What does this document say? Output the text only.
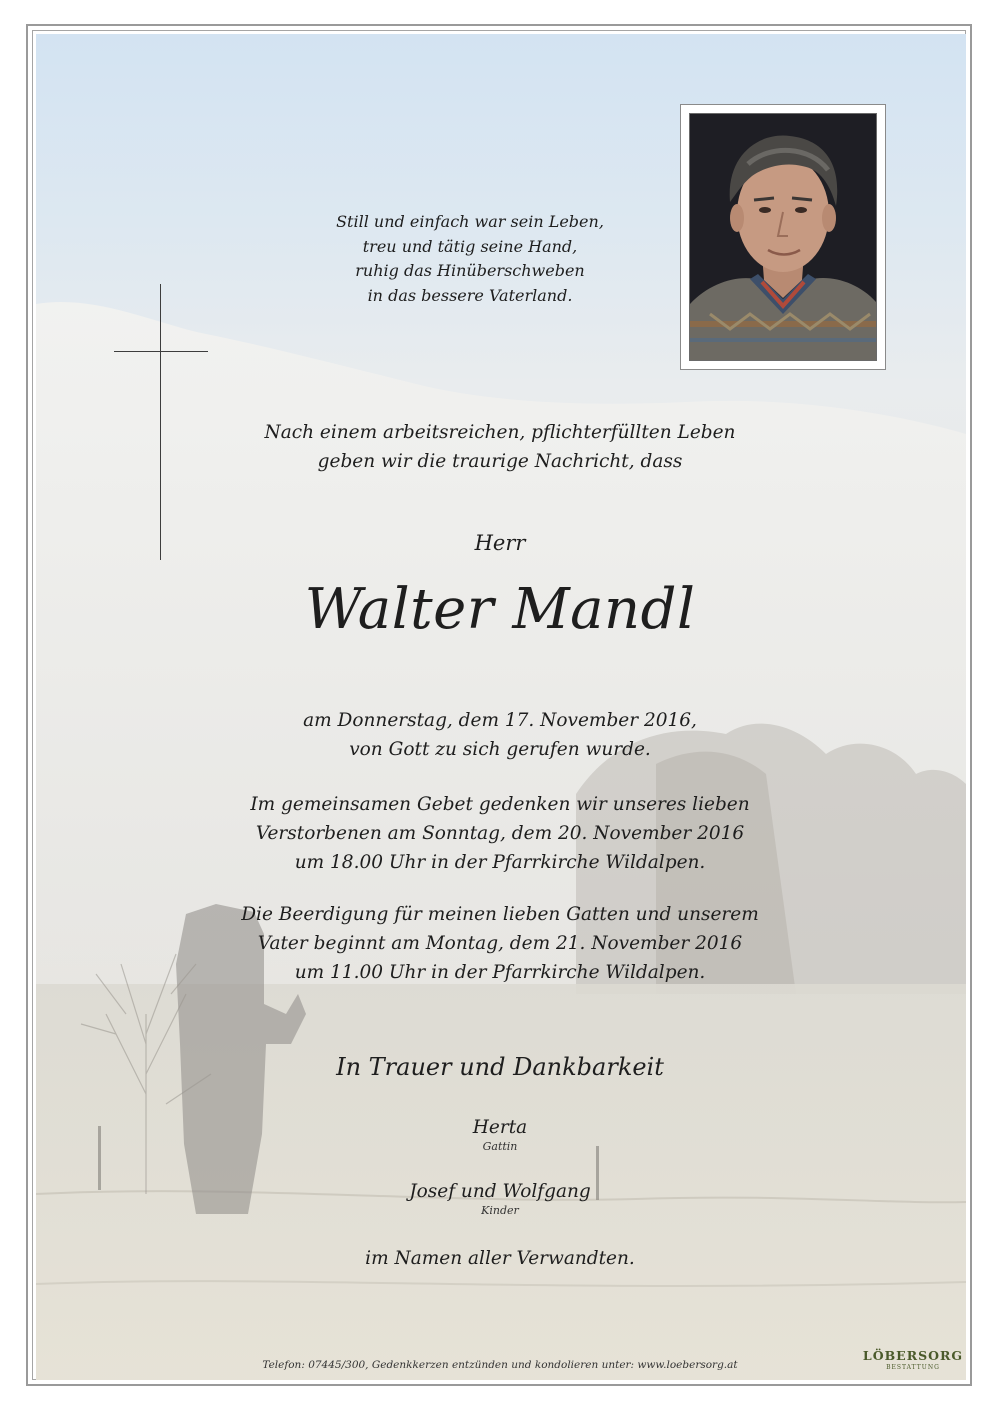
Still und einfach war sein Leben,
treu und tätig seine Hand,
ruhig das Hinüberschweben
in das bessere Vaterland.
Nach einem arbeitsreichen, pflichterfüllten Leben
geben wir die traurige Nachricht, dass
Herr
Walter Mandl
am Donnerstag, dem 17. November 2016,
von Gott zu sich gerufen wurde.
Im gemeinsamen Gebet gedenken wir unseres lieben
Verstorbenen am Sonntag, dem 20. November 2016
um 18.00 Uhr in der Pfarrkirche Wildalpen.
Die Beerdigung für meinen lieben Gatten und unserem
Vater beginnt am Montag, dem 21. November 2016
um 11.00 Uhr in der Pfarrkirche Wildalpen.
In Trauer und Dankbarkeit
Herta
Gattin
Josef und Wolfgang
Kinder
im Namen aller Verwandten.
Telefon: 07445/300, Gedenkkerzen entzünden und kondolieren unter: www.loebersorg.at
LÖBERSORG
BESTATTUNG
